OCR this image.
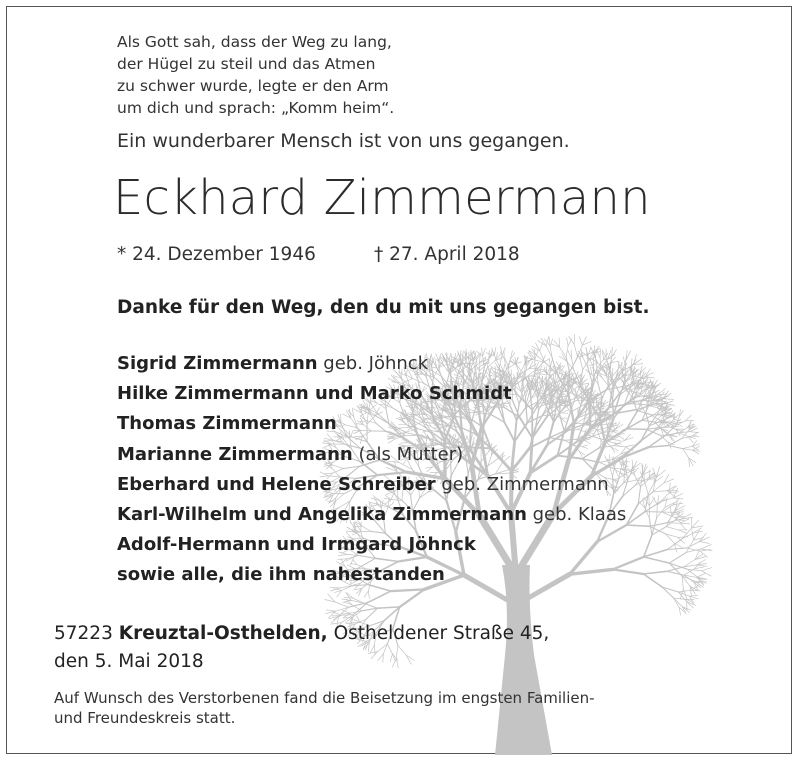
Als Gott sah, dass der Weg zu lang,
der Hügel zu steil und das Atmen
zu schwer wurde, legte er den Arm
um dich und sprach: „Komm heim“.
Ein wunderbarer Mensch ist von uns gegangen.
Eckhard Zimmermann
* 24. Dezember 1946	† 27. April 2018
Danke für den Weg, den du mit uns gegangen bist.
Sigrid Zimmermann geb. Jöhnck
Hilke Zimmermann und Marko Schmidt
Thomas Zimmermann
Marianne Zimmermann (als Mutter)
Eberhard und Helene Schreiber geb. Zimmermann
Karl-Wilhelm und Angelika Zimmermann geb. Klaas
Adolf-Hermann und Irmgard Jöhnck
sowie alle, die ihm nahestanden
57223 Kreuztal-Osthelden, Ostheldener Straße 45,
den 5. Mai 2018
Auf Wunsch des Verstorbenen fand die Beisetzung im engsten Familien-
und Freundeskreis statt.
